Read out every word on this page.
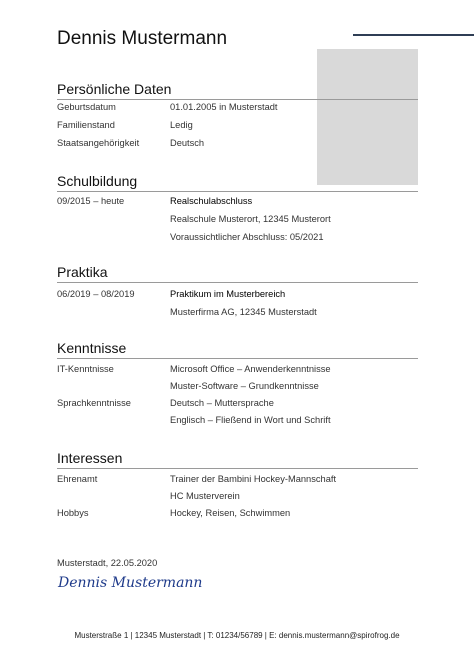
Dennis Mustermann
Persönliche Daten
Geburtsdatum	01.01.2005 in Musterstadt
Familienstand	Ledig
Staatsangehörigkeit	Deutsch
Schulbildung
09/2015 – heute	Realschulabschluss
Realschule Musterort, 12345 Musterort
Voraussichtlicher Abschluss: 05/2021
Praktika
06/2019 – 08/2019	Praktikum im Musterbereich
Musterfirma AG, 12345 Musterstadt
Kenntnisse
IT-Kenntnisse	Microsoft Office – Anwenderkenntnisse
Muster-Software – Grundkenntnisse
Sprachkenntnisse	Deutsch – Muttersprache
Englisch – Fließend in Wort und Schrift
Interessen
Ehrenamt	Trainer der Bambini Hockey-Mannschaft
HC Musterverein
Hobbys	Hockey, Reisen, Schwimmen
Musterstadt, 22.05.2020
Dennis Mustermann
Musterstraße 1 | 12345 Musterstadt | T: 01234/56789 | E: dennis.mustermann@spirofrog.de
